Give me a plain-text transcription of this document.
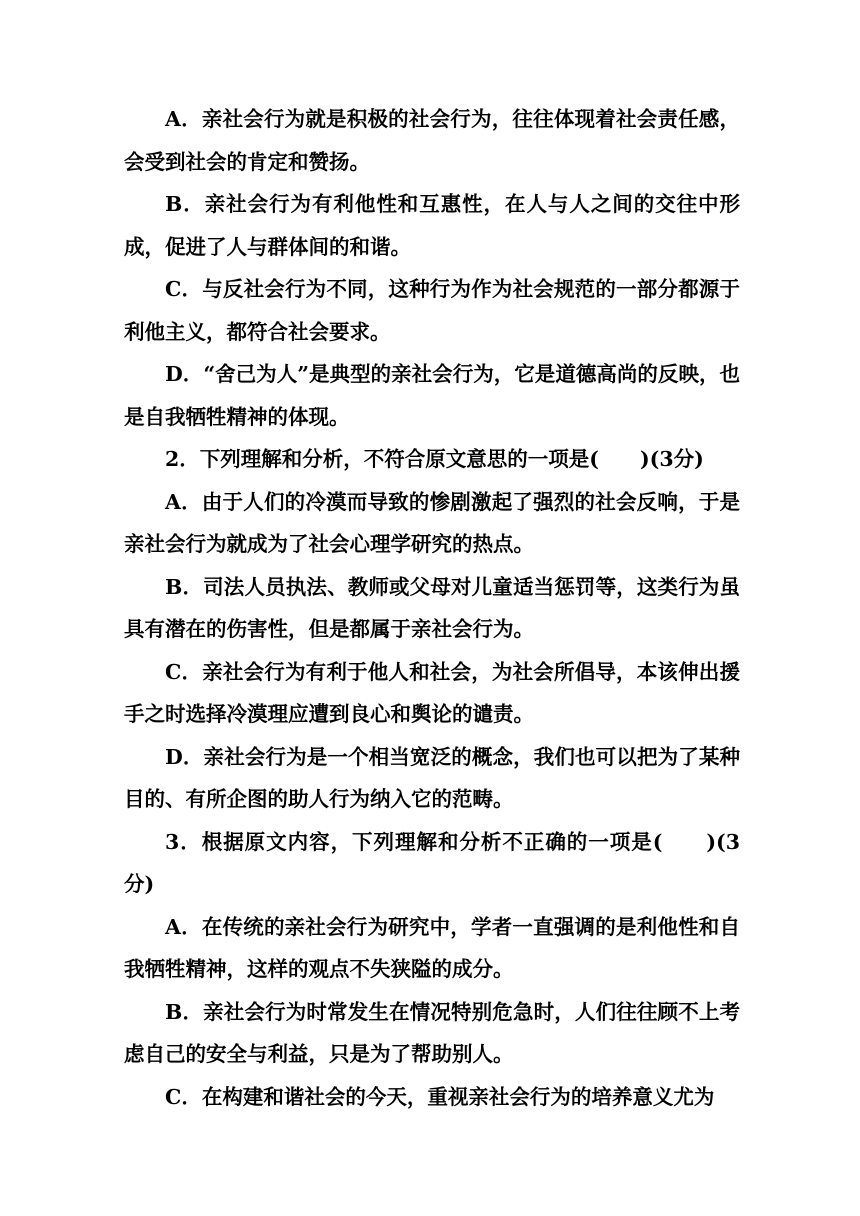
A．亲社会行为就是积极的社会行为，往往体现着社会责任感，会受到社会的肯定和赞扬。

B．亲社会行为有利他性和互惠性，在人与人之间的交往中形成，促进了人与群体间的和谐。

C．与反社会行为不同，这种行为作为社会规范的一部分都源于利他主义，都符合社会要求。

D．“舍己为人”是典型的亲社会行为，它是道德高尚的反映，也是自我牺牲精神的体现。

2．下列理解和分析，不符合原文意思的一项是(　　)(3分)

A．由于人们的冷漠而导致的惨剧激起了强烈的社会反响，于是亲社会行为就成为了社会心理学研究的热点。

B．司法人员执法、教师或父母对儿童适当惩罚等，这类行为虽具有潜在的伤害性，但是都属于亲社会行为。

C．亲社会行为有利于他人和社会，为社会所倡导，本该伸出援手之时选择冷漠理应遭到良心和舆论的谴责。

D．亲社会行为是一个相当宽泛的概念，我们也可以把为了某种目的、有所企图的助人行为纳入它的范畴。

3．根据原文内容，下列理解和分析不正确的一项是(　　)(3分)

A．在传统的亲社会行为研究中，学者一直强调的是利他性和自我牺牲精神，这样的观点不失狭隘的成分。

B．亲社会行为时常发生在情况特别危急时，人们往往顾不上考虑自己的安全与利益，只是为了帮助别人。

C．在构建和谐社会的今天，重视亲社会行为的培养意义尤为
